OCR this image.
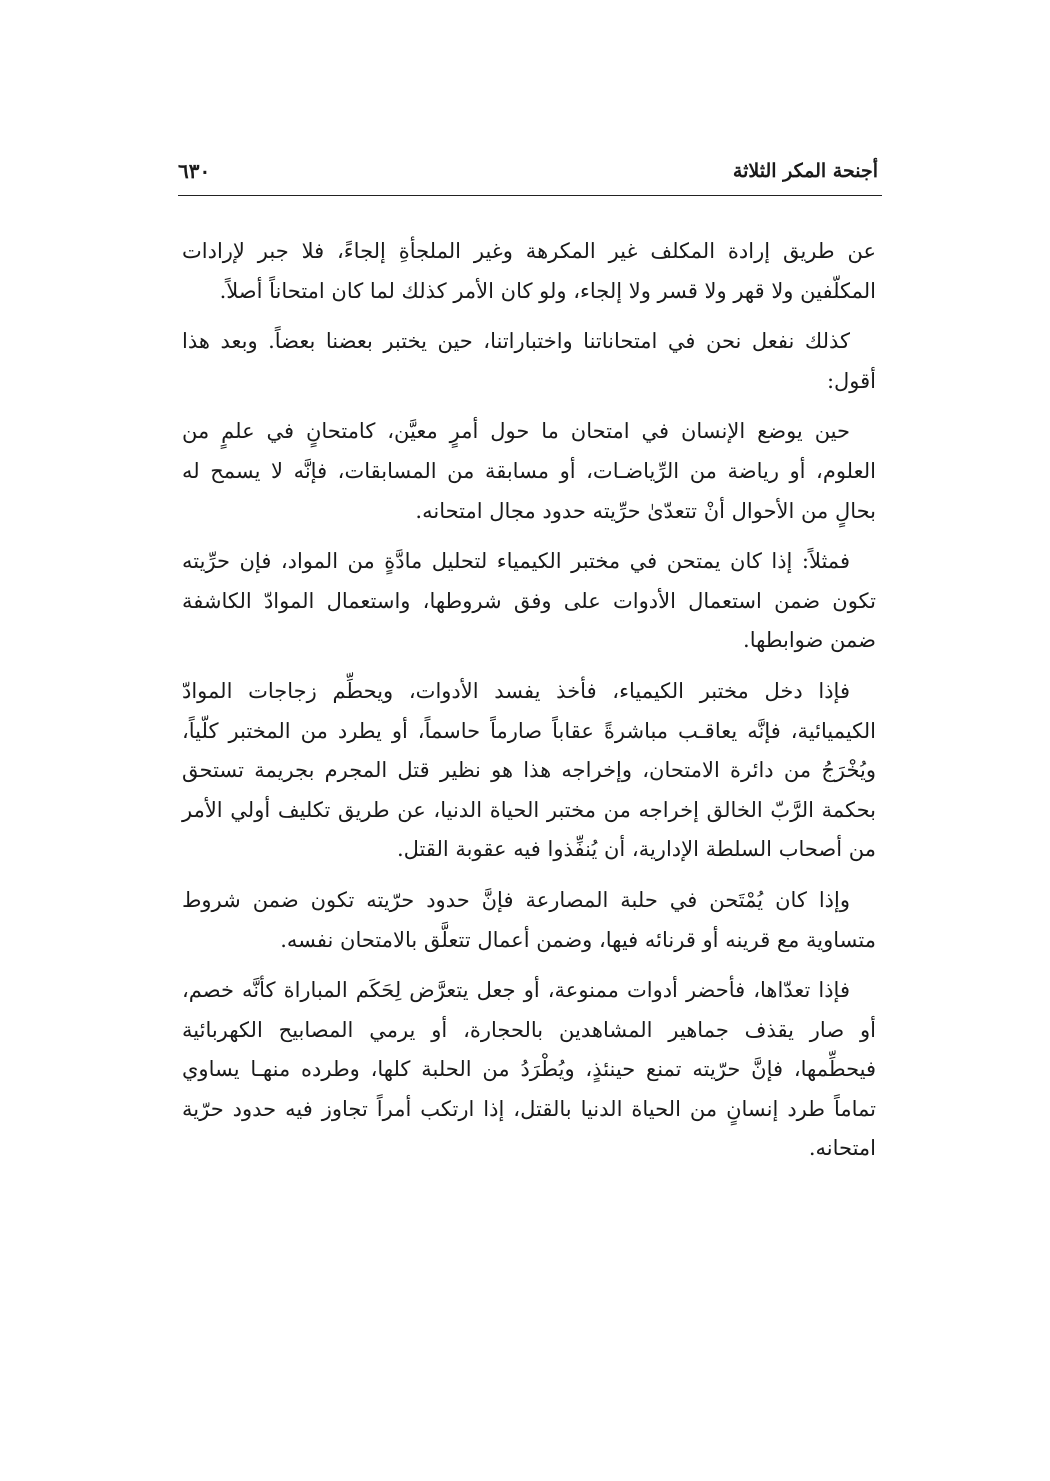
أجنحة المكر الثلاثة
٦٣٠

عن طريق إرادة المكلف غير المكرهة وغير الملجأةِ إلجاءً، فلا جبر لإرادات المكلّفين ولا قهر ولا قسر ولا إلجاء، ولو كان الأمر كذلك لما كان امتحاناً أصلاً.

كذلك نفعل نحن في امتحاناتنا واختباراتنا، حين يختبر بعضنا بعضاً. وبعد هذا أقول:

حين يوضع الإنسان في امتحان ما حول أمرٍ معيَّن، كامتحانٍ في علمٍ من العلوم، أو رياضة من الرِّياضـات، أو مسابقة من المسابقات، فإنَّه لا يسمح له بحالٍ من الأحوال أنْ تتعدّىٰ حرِّيته حدود مجال امتحانه.

فمثلاً: إذا كان يمتحن في مختبر الكيمياء لتحليل مادَّةٍ من المواد، فإن حرِّيته تكون ضمن استعمال الأدوات على وفق شروطها، واستعمال الموادّ الكاشفة ضمن ضوابطها.

فإذا دخل مختبر الكيمياء، فأخذ يفسد الأدوات، ويحطِّم زجاجات الموادّ الكيميائية، فإنَّه يعاقـب مباشرةً عقاباً صارماً حاسماً، أو يطرد من المختبر كلّياً، ويُخْرَجُ من دائرة الامتحان، وإخراجه هذا هو نظير قتل المجرم بجريمة تستحق بحكمة الرَّبّ الخالق إخراجه من مختبر الحياة الدنيا، عن طريق تكليف أولي الأمر من أصحاب السلطة الإدارية، أن يُنفِّذوا فيه عقوبة القتل.

وإذا كان يُمْتَحن في حلبة المصارعة فإنَّ حدود حرّيته تكون ضمن شروط متساوية مع قرينه أو قرنائه فيها، وضمن أعمال تتعلَّق بالامتحان نفسه.

فإذا تعدّاها، فأحضر أدوات ممنوعة، أو جعل يتعرَّض لِحَكَم المباراة كأنَّه خصم، أو صار يقذف جماهير المشاهدين بالحجارة، أو يرمي المصابيح الكهربائية فيحطِّمها، فإنَّ حرّيته تمنع حينئذٍ، ويُطْرَدُ من الحلبة كلها، وطرده منهـا يساوي تماماً طرد إنسانٍ من الحياة الدنيا بالقتل، إذا ارتكب أمراً تجاوز فيه حدود حرّية امتحانه.
